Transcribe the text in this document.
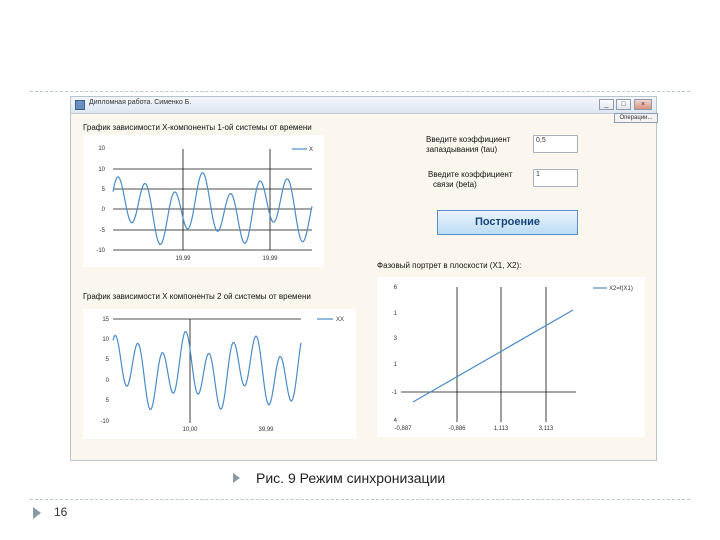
Дипломная работа. Сименко Б.	_	□	×
Операции...
График зависимости X-компоненты 1-ой системы от времени
График зависимости X компоненты 2 ой системы от времени
Фазовый портрет в плоскости (X1, X2):
Введите коэффициент
запаздывания (tau)
0,5
Введите коэффициент
связи (beta)
1
Построение
10
10
5
0
-5
-10
19,99	19,99
X
15
10
5
0
5
-10
10,00	39,99
XX
6
1
3
1
-1
4
-0,887	-0,886	1,113	3,113
X2=f(X1)
Рис. 9 Режим синхронизации
16
